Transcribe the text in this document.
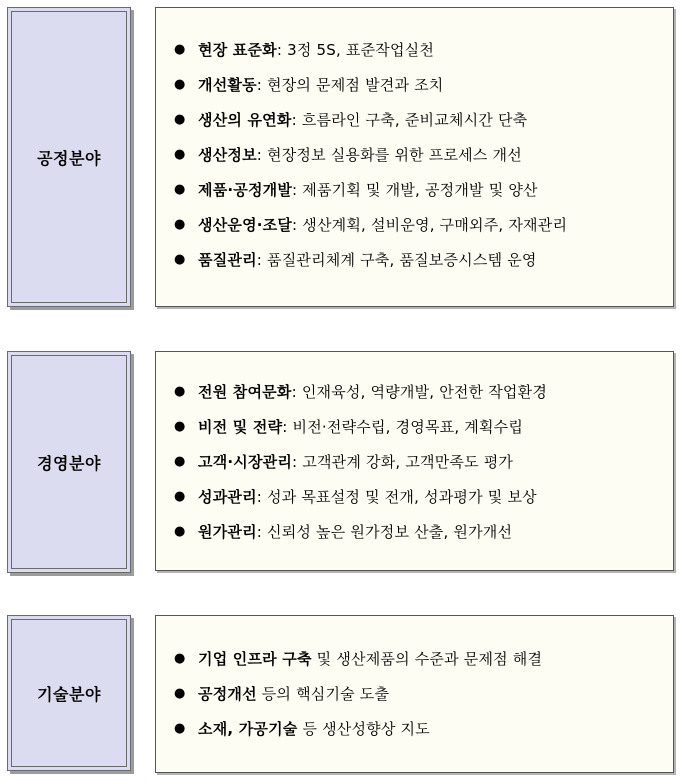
공정분야
● 현장 표준화 : 3정 5S, 표준작업실천
● 개선활동 : 현장의 문제점 발견과 조치
● 생산의 유연화 : 흐름라인 구축, 준비교체시간 단축
● 생산정보 : 현장정보 실용화를 위한 프로세스 개선
● 제품·공정개발 : 제품기획 및 개발, 공정개발 및 양산
● 생산운영·조달 : 생산계획, 설비운영, 구매외주, 자재관리
● 품질관리 : 품질관리체계 구축, 품질보증시스템 운영
경영분야
● 전원 참여문화 : 인재육성, 역량개발, 안전한 작업환경
● 비전 및 전략 : 비전·전략수립, 경영목표, 계획수립
● 고객·시장관리 : 고객관계 강화, 고객만족도 평가
● 성과관리 : 성과 목표설정 및 전개, 성과평가 및 보상
● 원가관리 : 신뢰성 높은 원가정보 산출, 원가개선
기술분야
● 기업 인프라 구축
및 생산제품의 수준과 문제점 해결
● 공정개선
등의 핵심기술 도출
● 소재, 가공기술
등 생산성향상 지도
